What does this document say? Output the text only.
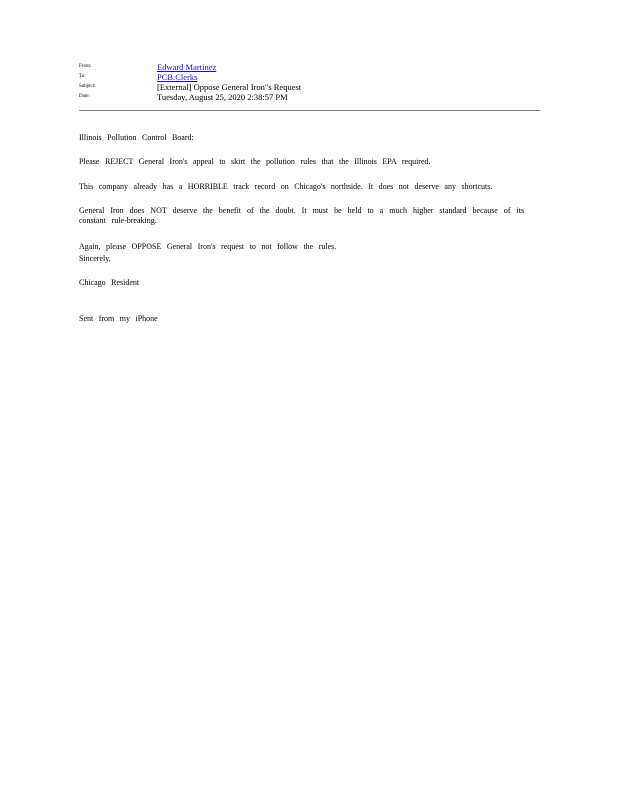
From:	Edward Martinez
To:	PCB.Clerks
Subject:	[External] Oppose General Iron"s Request
Date:	Tuesday, August 25, 2020 2:38:57 PM
Illinois Pollution Control Board:
Please REJECT General Iron's appeal to skirt the pollution rules that the Illinois EPA required.
This company already has a HORRIBLE track record on Chicago's northside. It does not deserve any shortcuts.
General Iron does NOT deserve the benefit of the doubt. It must be held to a much higher standard because of its constant rule-breaking.
Again, please OPPOSE General Iron's request to not follow the rules.
Sincerely,
Chicago Resident
Sent from my iPhone
